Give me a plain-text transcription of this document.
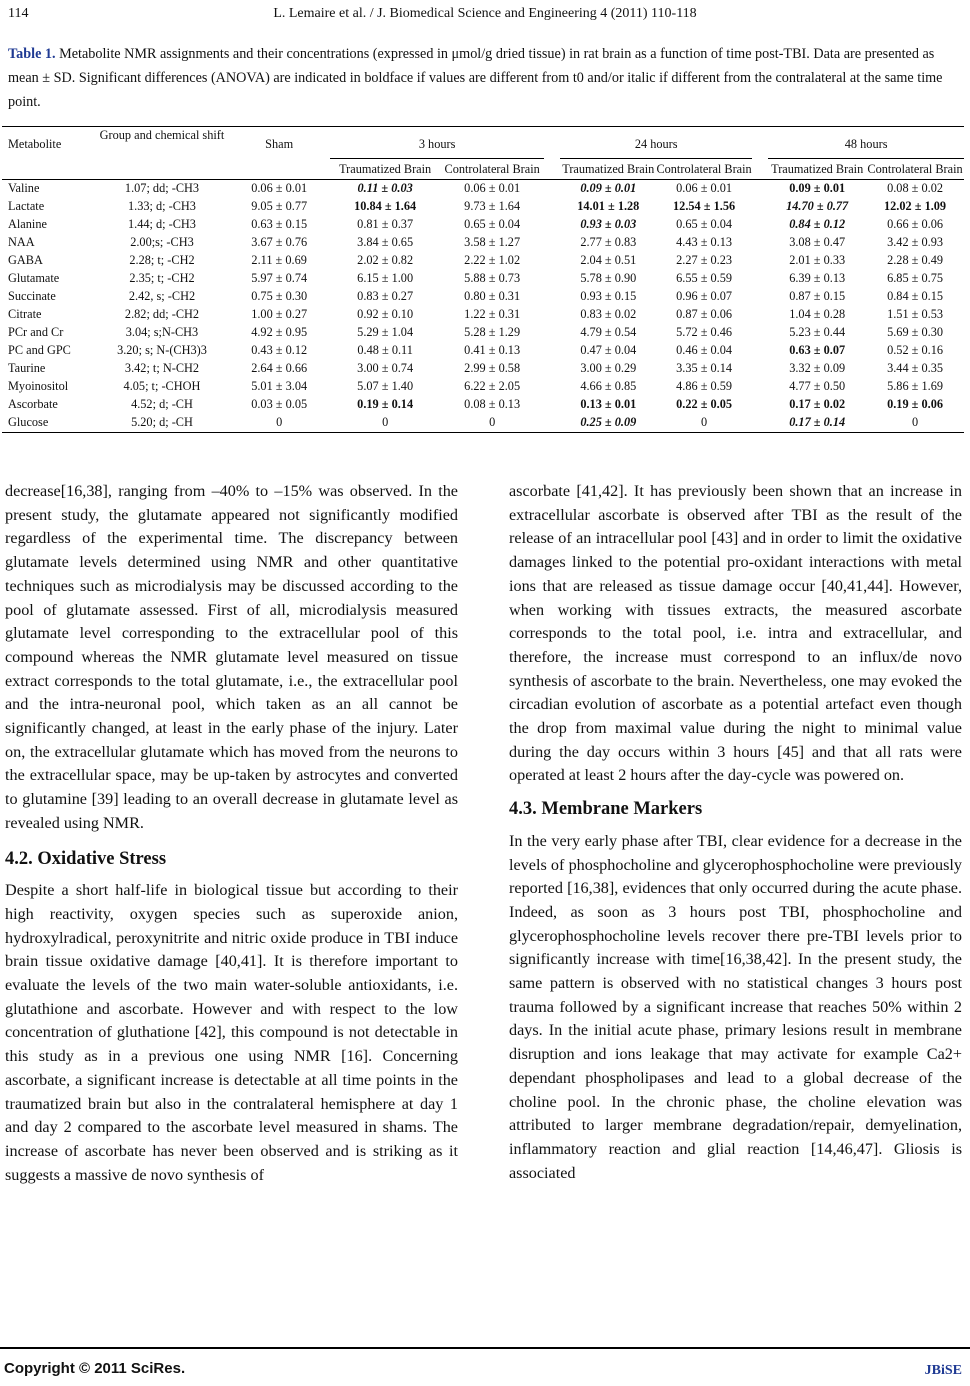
114	L. Lemaire et al. / J. Biomedical Science and Engineering 4 (2011) 110-118
Table 1. Metabolite NMR assignments and their concentrations (expressed in μmol/g dried tissue) in rat brain as a function of time post-TBI. Data are presented as mean ± SD. Significant differences (ANOVA) are indicated in boldface if values are different from t0 and/or italic if different from the contralateral at the same time point.
Metabolite	Group and chemical shift	Sham	3 hours			24 hours			48 hours	
			Traumatized Brain	Controlateral Brain		Traumatized Brain	Controlateral Brain		Traumatized Brain	Controlateral Brain

Valine	1.07; dd; -CH3	0.06 ± 0.01	0.11 ± 0.03	0.06 ± 0.01		0.09 ± 0.01	0.06 ± 0.01		0.09 ± 0.01	0.08 ± 0.02
Lactate	1.33; d; -CH3	9.05 ± 0.77	10.84 ± 1.64	9.73 ± 1.64		14.01 ± 1.28	12.54 ± 1.56		14.70 ± 0.77	12.02 ± 1.09
Alanine	1.44; d; -CH3	0.63 ± 0.15	0.81 ± 0.37	0.65 ± 0.04		0.93 ± 0.03	0.65 ± 0.04		0.84 ± 0.12	0.66 ± 0.06
NAA	2.00;s; -CH3	3.67 ± 0.76	3.84 ± 0.65	3.58 ± 1.27		2.77 ± 0.83	4.43 ± 0.13		3.08 ± 0.47	3.42 ± 0.93
GABA	2.28; t; -CH2	2.11 ± 0.69	2.02 ± 0.82	2.22 ± 1.02		2.04 ± 0.51	2.27 ± 0.23		2.01 ± 0.33	2.28 ± 0.49
Glutamate	2.35; t; -CH2	5.97 ± 0.74	6.15 ± 1.00	5.88 ± 0.73		5.78 ± 0.90	6.55 ± 0.59		6.39 ± 0.13	6.85 ± 0.75
Succinate	2.42, s; -CH2	0.75 ± 0.30	0.83 ± 0.27	0.80 ± 0.31		0.93 ± 0.15	0.96 ± 0.07		0.87 ± 0.15	0.84 ± 0.15
Citrate	2.82; dd; -CH2	1.00 ± 0.27	0.92 ± 0.10	1.22 ± 0.31		0.83 ± 0.02	0.87 ± 0.06		1.04 ± 0.28	1.51 ± 0.53
PCr and Cr	3.04; s;N-CH3	4.92 ± 0.95	5.29 ± 1.04	5.28 ± 1.29		4.79 ± 0.54	5.72 ± 0.46		5.23 ± 0.44	5.69 ± 0.30
PC and GPC	3.20; s; N-(CH3)3	0.43 ± 0.12	0.48 ± 0.11	0.41 ± 0.13		0.47 ± 0.04	0.46 ± 0.04		0.63 ± 0.07	0.52 ± 0.16
Taurine	3.42; t; N-CH2	2.64 ± 0.66	3.00 ± 0.74	2.99 ± 0.58		3.00 ± 0.29	3.35 ± 0.14		3.32 ± 0.09	3.44 ± 0.35
Myoinositol	4.05; t; -CHOH	5.01 ± 3.04	5.07 ± 1.40	6.22 ± 2.05		4.66 ± 0.85	4.86 ± 0.59		4.77 ± 0.50	5.86 ± 1.69
Ascorbate	4.52; d; -CH	0.03 ± 0.05	0.19 ± 0.14	0.08 ± 0.13		0.13 ± 0.01	0.22 ± 0.05		0.17 ± 0.02	0.19 ± 0.06
Glucose	5.20; d; -CH	0	0	0		0.25 ± 0.09	0		0.17 ± 0.14	0

decrease[16,38], ranging from –40% to –15% was observed. In the present study, the glutamate appeared not significantly modified regardless of the experimental time. The discrepancy between glutamate levels determined using NMR and other quantitative techniques such as microdialysis may be discussed according to the pool of glutamate assessed. First of all, microdialysis measured glutamate level corresponding to the extracellular pool of this compound whereas the NMR glutamate level measured on tissue extract corresponds to the total glutamate, i.e., the extracellular pool and the intra-neuronal pool, which taken as an all cannot be significantly changed, at least in the early phase of the injury. Later on, the extracellular glutamate which has moved from the neurons to the extracellular space, may be up-taken by astrocytes and converted to glutamine [39] leading to an overall decrease in glutamate level as revealed using NMR.

4.2. Oxidative Stress

Despite a short half-life in biological tissue but according to their high reactivity, oxygen species such as superoxide anion, hydroxylradical, peroxynitrite and nitric oxide produce in TBI induce brain tissue oxidative damage [40,41]. It is therefore important to evaluate the levels of the two main water-soluble antioxidants, i.e. glutathione and ascorbate. However and with respect to the low concentration of gluthatione [42], this compound is not detectable in this study as in a previous one using NMR [16]. Concerning ascorbate, a significant increase is detectable at all time points in the traumatized brain but also in the contralateral hemisphere at day 1 and day 2 compared to the ascorbate level measured in shams. The increase of ascorbate has never been observed and is striking as it suggests a massive de novo synthesis of

ascorbate [41,42]. It has previously been shown that an increase in extracellular ascorbate is observed after TBI as the result of the release of an intracellular pool [43] and in order to limit the oxidative damages linked to the potential pro-oxidant interactions with metal ions that are released as tissue damage occur [40,41,44]. However, when working with tissues extracts, the measured ascorbate corresponds to the total pool, i.e. intra and extracellular, and therefore, the increase must correspond to an influx/de novo synthesis of ascorbate to the brain. Nevertheless, one may evoked the circadian evolution of ascorbate as a potential artefact even though the drop from maximal value during the night to minimal value during the day occurs within 3 hours [45] and that all rats were operated at least 2 hours after the day-cycle was powered on.

4.3. Membrane Markers

In the very early phase after TBI, clear evidence for a decrease in the levels of phosphocholine and glycerophosphocholine were previously reported [16,38], evidences that only occurred during the acute phase. Indeed, as soon as 3 hours post TBI, phosphocholine and glycerophosphocholine levels recover there pre-TBI levels prior to significantly increase with time[16,38,42]. In the present study, the same pattern is observed with no statistical changes 3 hours post trauma followed by a significant increase that reaches 50% within 2 days. In the initial acute phase, primary lesions result in membrane disruption and ions leakage that may activate for example Ca2+ dependant phospholipases and lead to a global decrease of the choline pool. In the chronic phase, the choline elevation was attributed to larger membrane degradation/repair, demyelination, inflammatory reaction and glial reaction [14,46,47]. Gliosis is associated

Copyright © 2011 SciRes.	JBiSE
